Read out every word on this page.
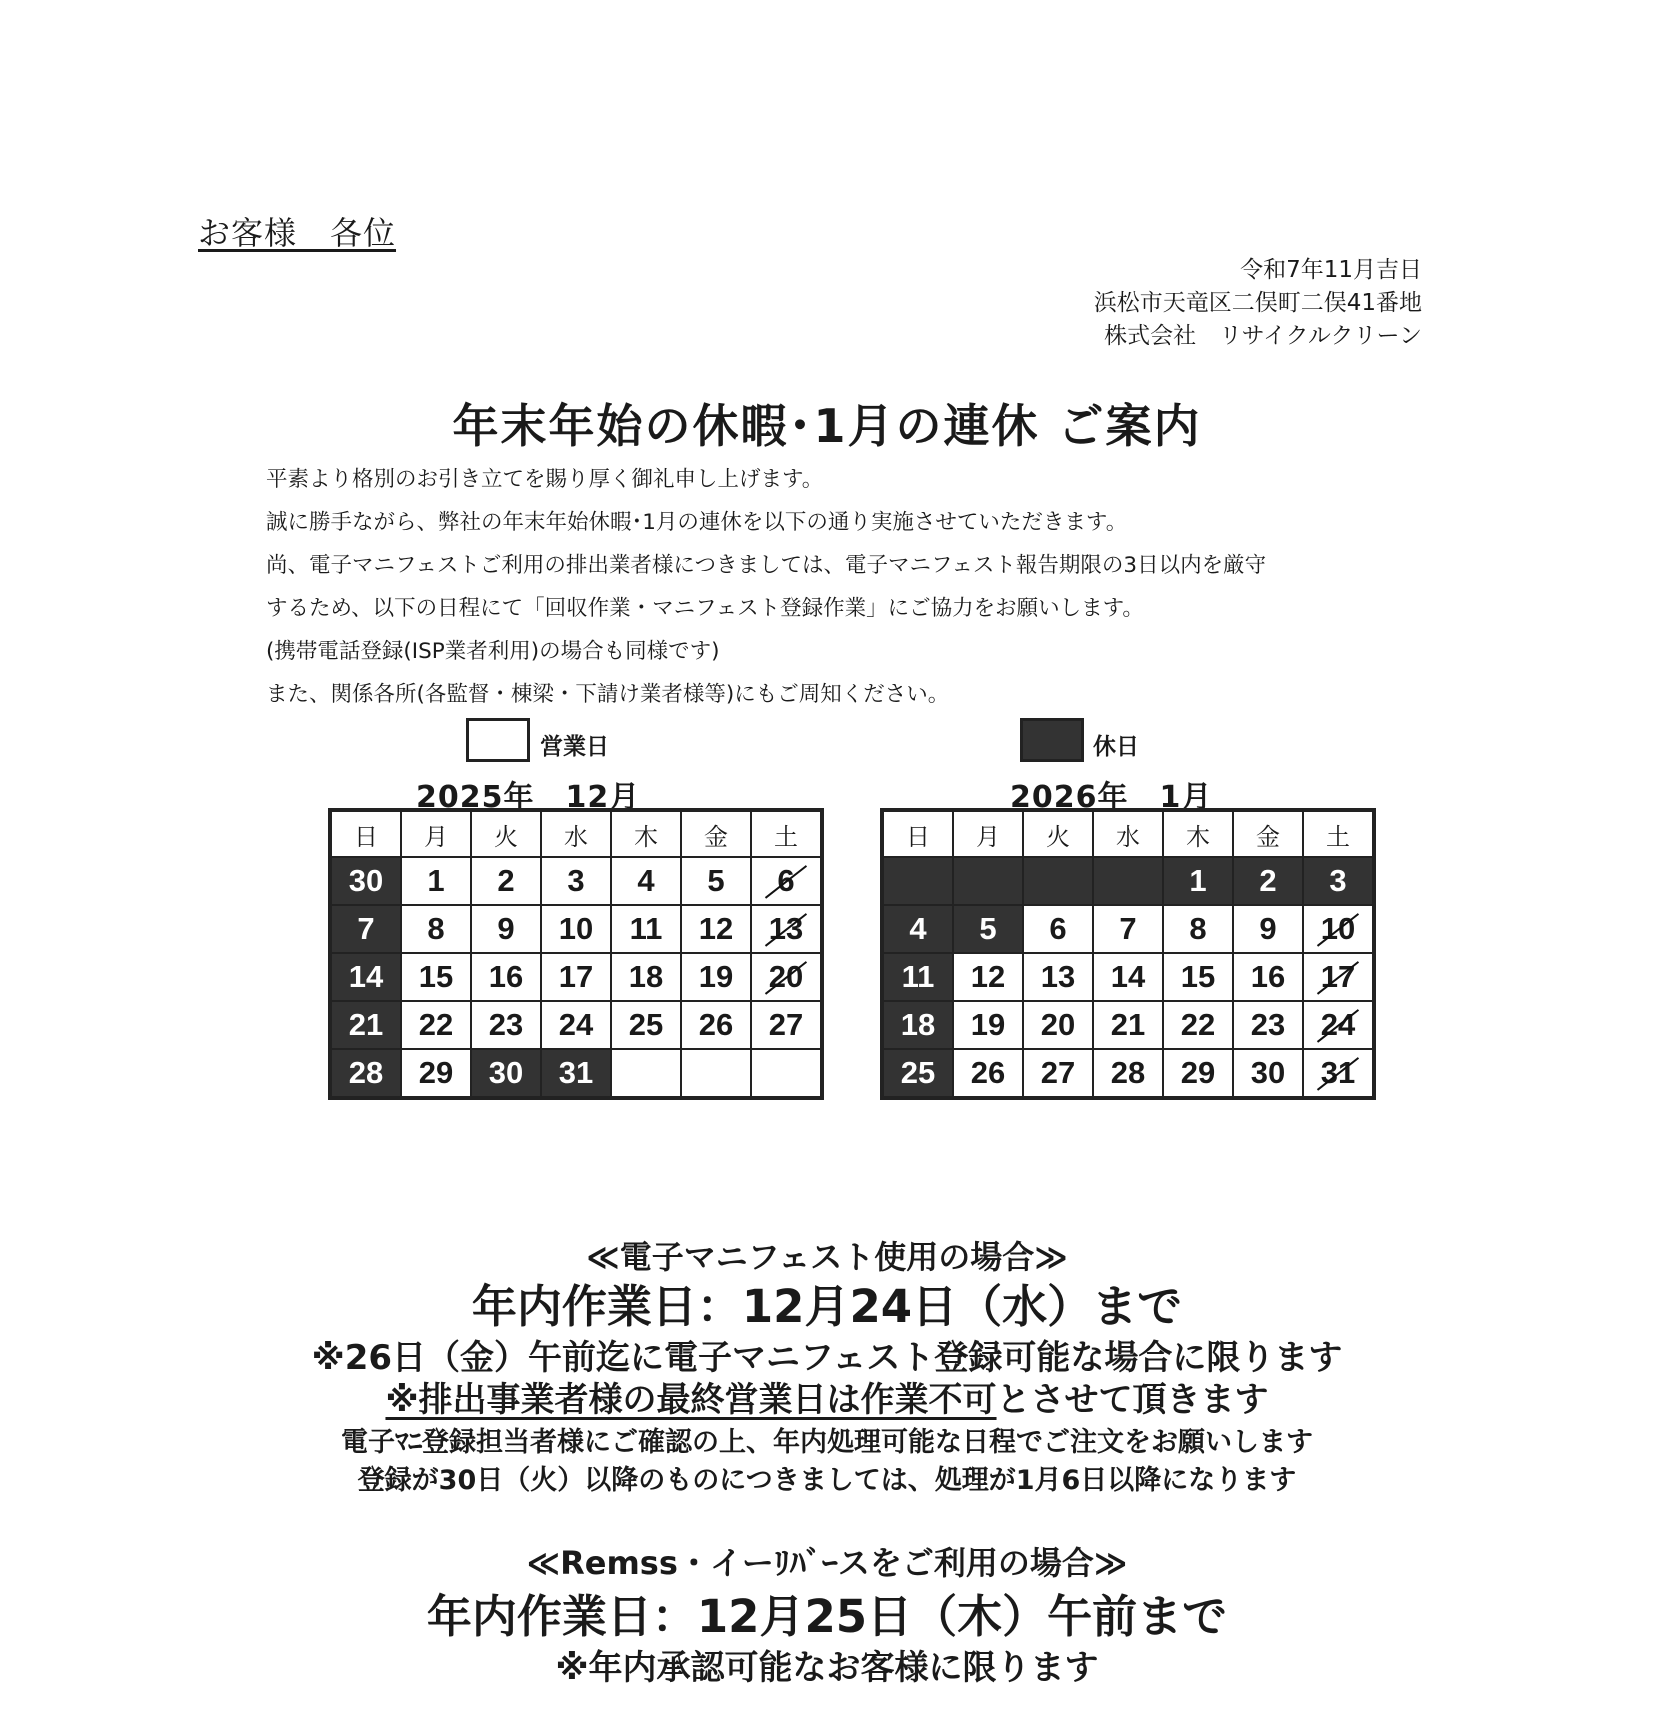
お客様　各位
令和7年11月吉日
浜松市天竜区二俣町二俣41番地
株式会社　リサイクルクリーン
年末年始の休暇･1月の連休 ご案内
平素より格別のお引き立てを賜り厚く御礼申し上げます。
誠に勝手ながら、弊社の年末年始休暇･1月の連休を以下の通り実施させていただきます。
尚、電子マニフェストご利用の排出業者様につきましては、電子マニフェスト報告期限の3日以内を厳守
するため、以下の日程にて「回収作業・マニフェスト登録作業」にご協力をお願いします。
(携帯電話登録(ISP業者利用)の場合も同様です)
また、関係各所(各監督・棟梁・下請け業者様等)にもご周知ください。
営業日	休日
2025年　12月	2026年　1月
日	月	火	水	木	金	土
30	1	2	3	4	5	6
7	8	9	10	11	12	13
14	15	16	17	18	19	20
21	22	23	24	25	26	27
28	29	30	31			
日	月	火	水	木	金	土
				1	2	3
4	5	6	7	8	9	10
11	12	13	14	15	16	17
18	19	20	21	22	23	24
25	26	27	28	29	30	31
≪電子マニフェスト使用の場合≫
年内作業日：12月24日（水）まで
※26日（金）午前迄に電子マニフェスト登録可能な場合に限ります
※排出事業者様の最終営業日は作業不可とさせて頂きます
電子ﾏﾆ登録担当者様にご確認の上、年内処理可能な日程でご注文をお願いします
登録が30日（火）以降のものにつきましては、処理が1月6日以降になります
≪Remss・イーﾘﾊﾞｰスをご利用の場合≫
年内作業日：12月25日（木）午前まで
※年内承認可能なお客様に限ります
